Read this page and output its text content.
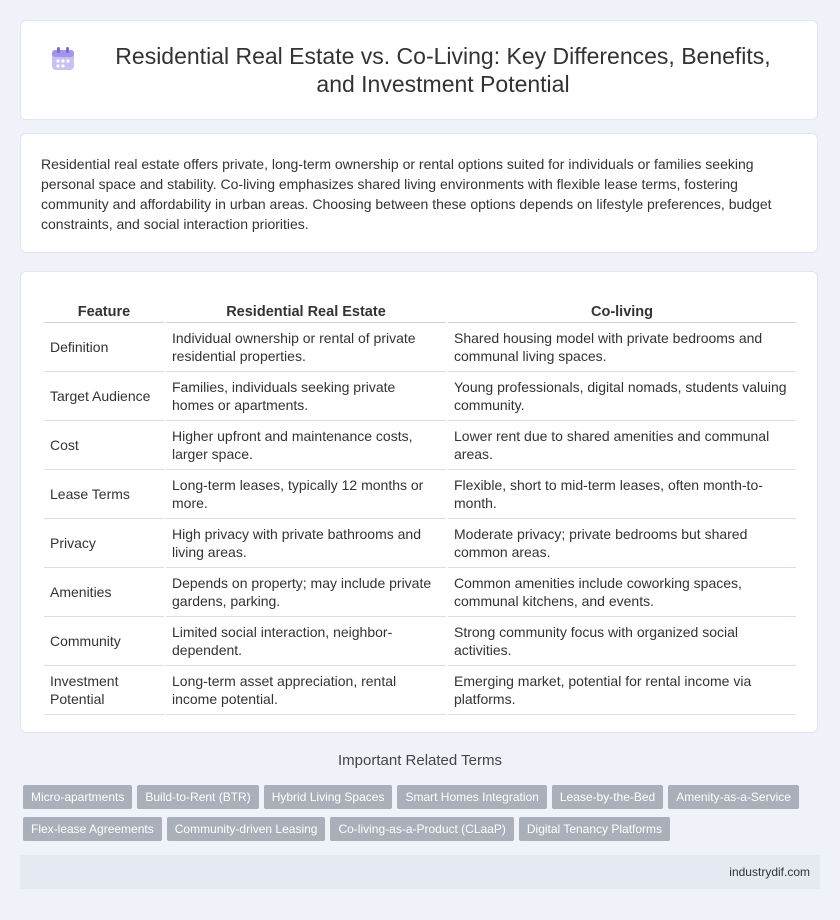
Residential Real Estate vs. Co-Living: Key Differences, Benefits, and Investment Potential

Residential real estate offers private, long-term ownership or rental options suited for individuals or families seeking personal space and stability. Co-living emphasizes shared living environments with flexible lease terms, fostering community and affordability in urban areas. Choosing between these options depends on lifestyle preferences, budget constraints, and social interaction priorities.

Feature	Residential Real Estate	Co-living
Definition	Individual ownership or rental of private residential properties.	Shared housing model with private bedrooms and communal living spaces.
Target Audience	Families, individuals seeking private homes or apartments.	Young professionals, digital nomads, students valuing community.
Cost	Higher upfront and maintenance costs, larger space.	Lower rent due to shared amenities and communal areas.
Lease Terms	Long-term leases, typically 12 months or more.	Flexible, short to mid-term leases, often month-to-month.
Privacy	High privacy with private bathrooms and living areas.	Moderate privacy; private bedrooms but shared common areas.
Amenities	Depends on property; may include private gardens, parking.	Common amenities include coworking spaces, communal kitchens, and events.
Community	Limited social interaction, neighbor-dependent.	Strong community focus with organized social activities.
Investment Potential	Long-term asset appreciation, rental income potential.	Emerging market, potential for rental income via platforms.
Important Related Terms
Micro-apartments Build-to-Rent (BTR) Hybrid Living Spaces Smart Homes Integration Lease-by-the-Bed Amenity-as-a-Service
Flex-lease Agreements Community-driven Leasing Co-living-as-a-Product (CLaaP) Digital Tenancy Platforms
industrydif.com
